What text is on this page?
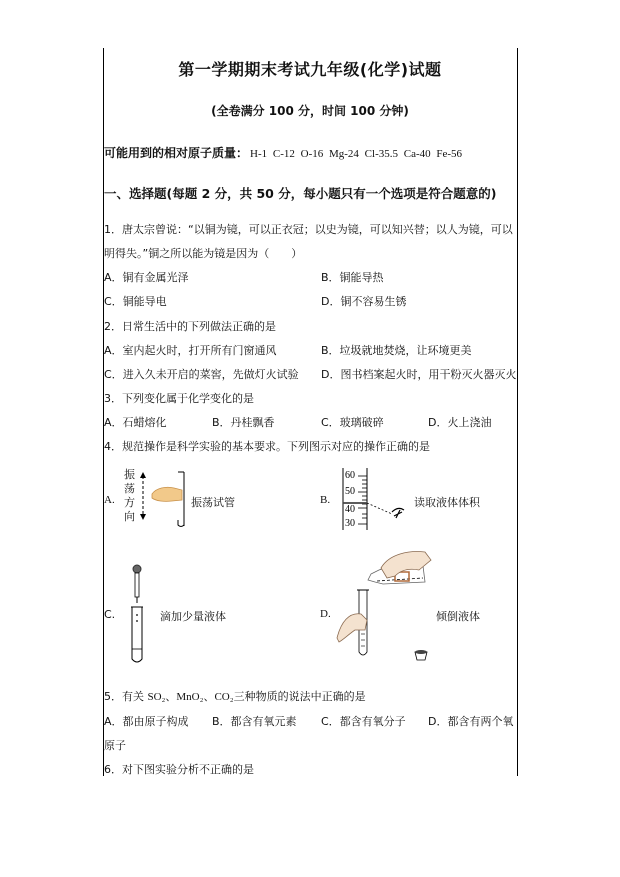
第一学期期末考试九年级(化学)试题
(全卷满分 100 分，时间 100 分钟)
可能用到的相对原子质量： H-1 C-12 O-16 Mg-24 Cl-35.5 Ca-40 Fe-56
一、选择题(每题 2 分，共 50 分，每小题只有一个选项是符合题意的)
1．唐太宗曾说：“以铜为镜，可以正衣冠；以史为镜，可以知兴替；以人为镜，可以
明得失。”铜之所以能为镜是因为（　　）
A．铜有金属光泽	B．铜能导热
C．铜能导电	D．铜不容易生锈
2．日常生活中的下列做法正确的是
A．室内起火时，打开所有门窗通风	B．垃圾就地焚烧，让环境更美
C．进入久未开启的菜窖，先做灯火试验 D．图书档案起火时，用干粉灭火器灭火
3．下列变化属于化学变化的是
A．石蜡熔化	B．丹桂飘香	C．玻璃破碎	D．火上浇油
4．规范操作是科学实验的基本要求。下列图示对应的操作正确的是
A.
振
荡
方
向
振荡试管	B.
60
50
40
30
读取液体体积
C.	滴加少量液体	D.	倾倒液体
5．有关 SO₂、MnO₂、CO₂三种物质的说法中正确的是
A．都由原子构成 B．都含有氧元素 C．都含有氧分子 D．都含有两个氧
原子
6．对下图实验分析不正确的是
